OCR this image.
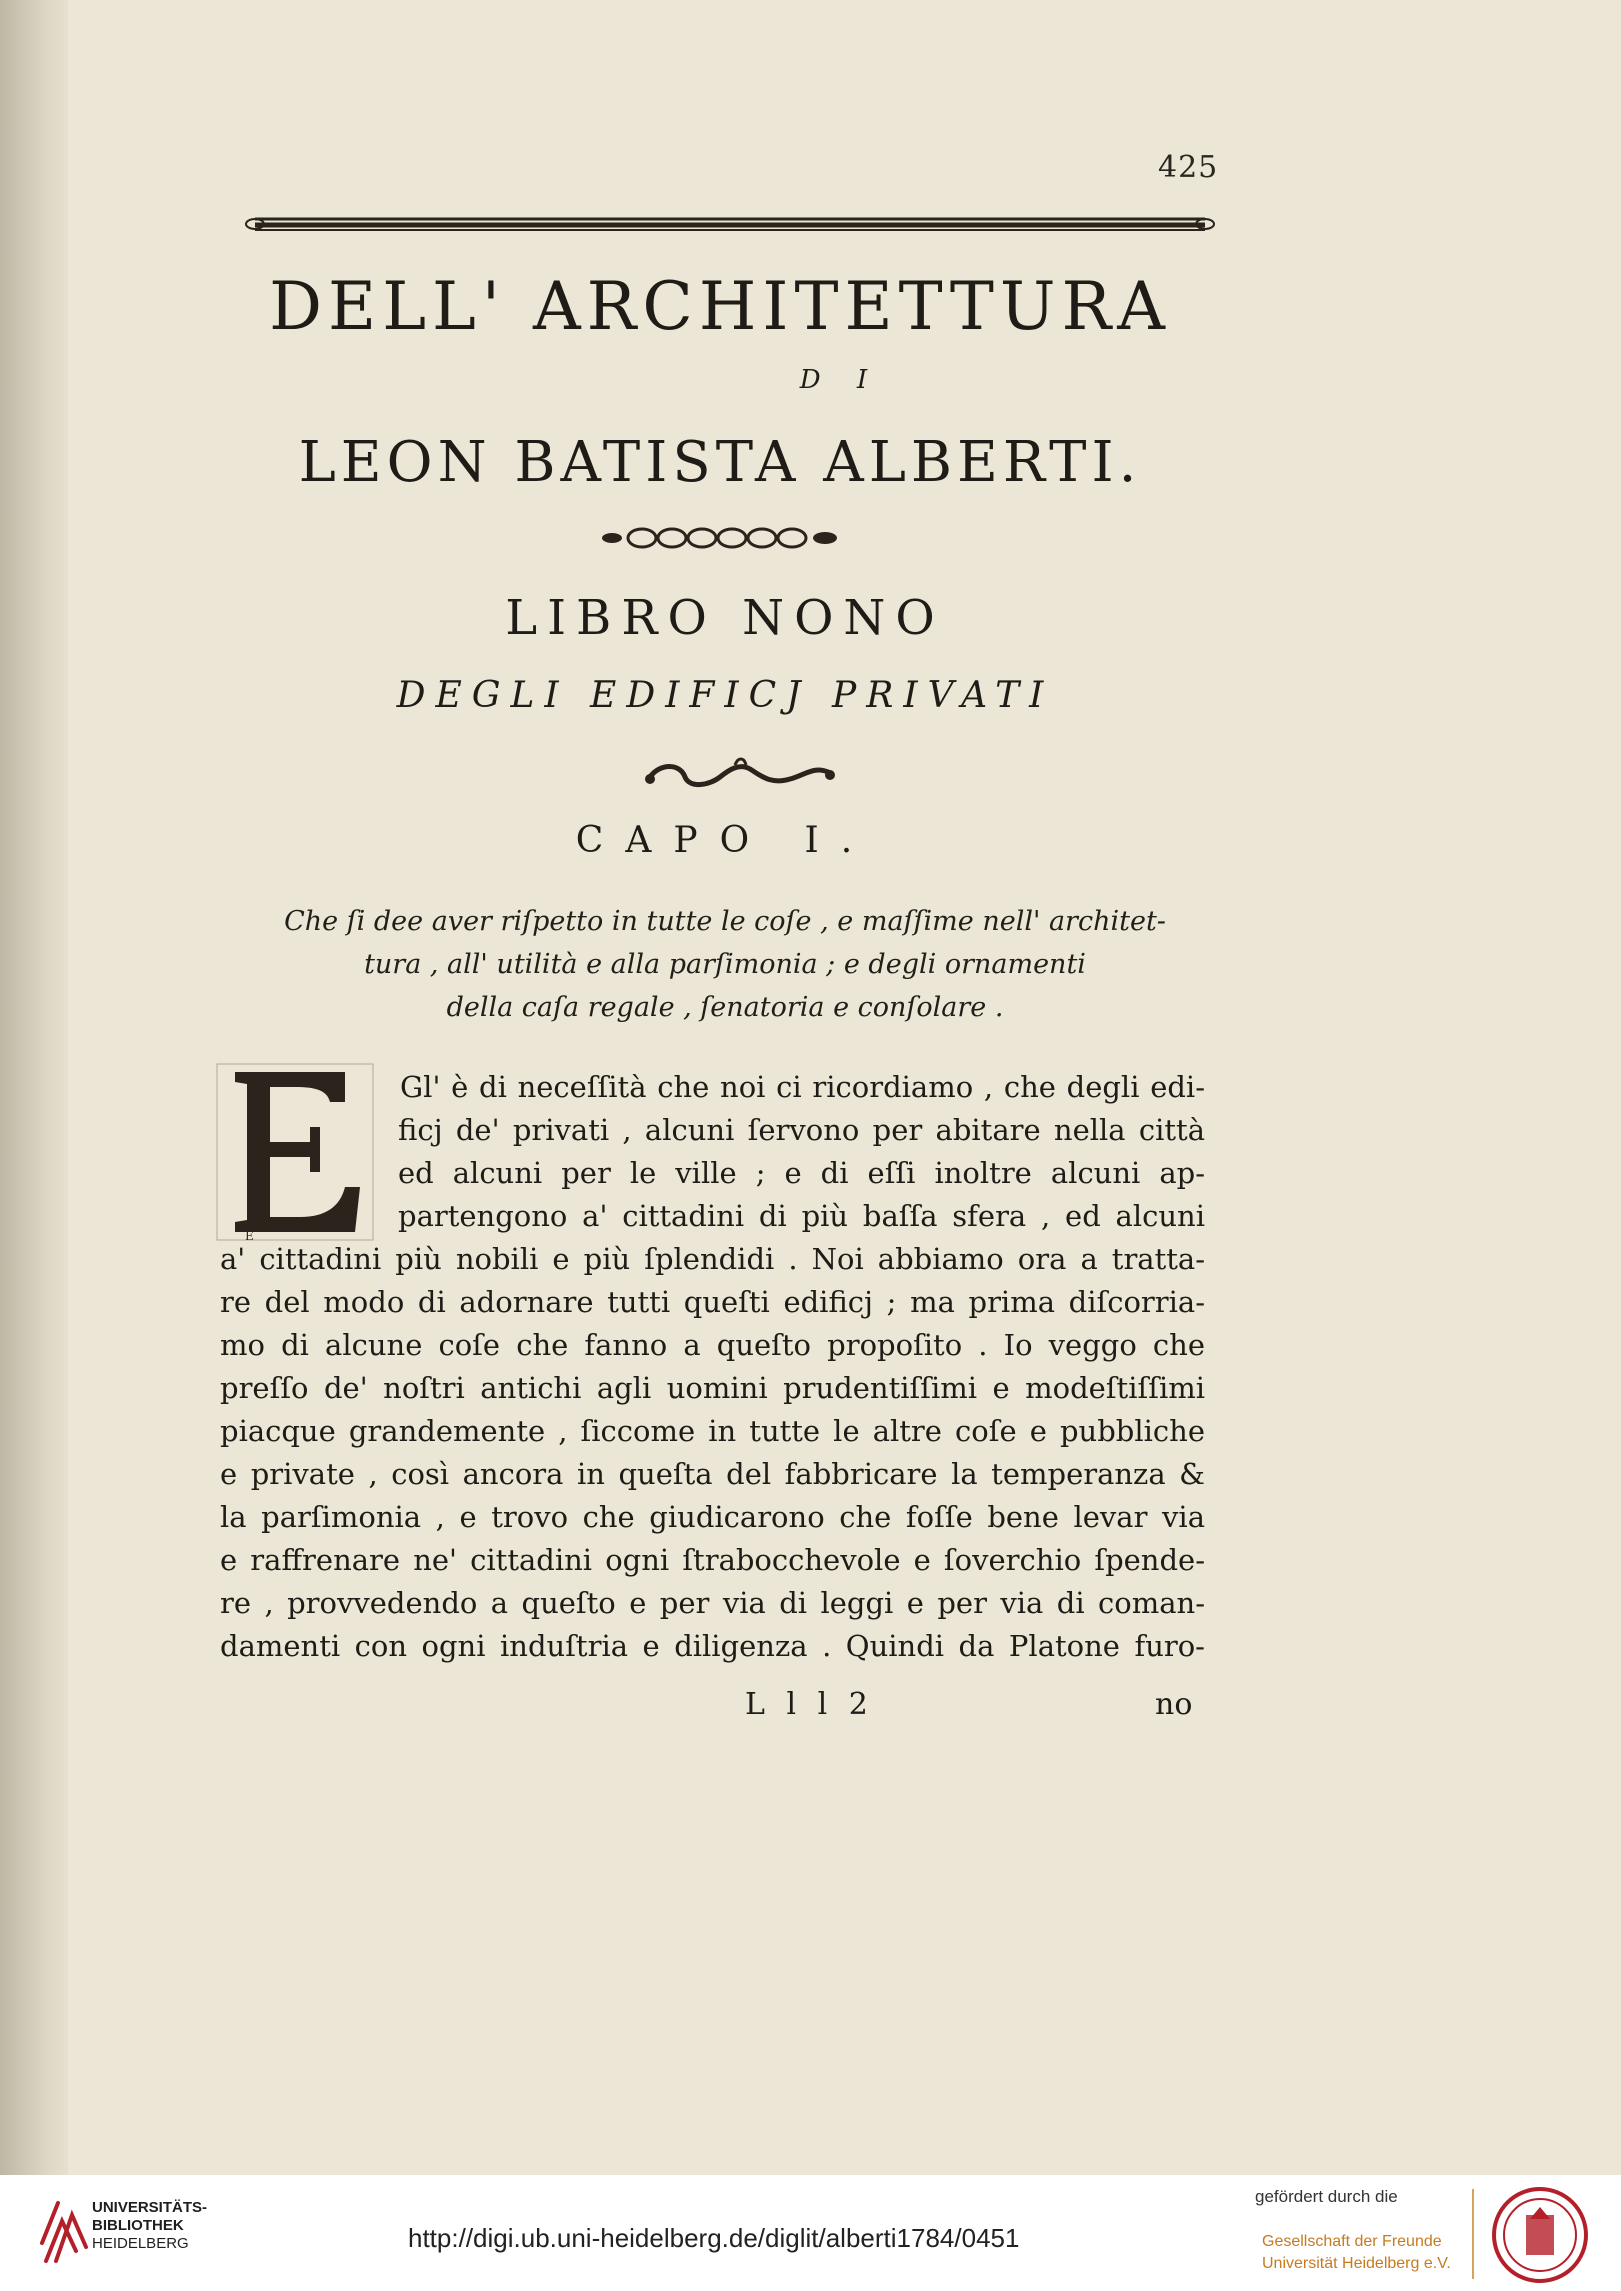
425
DELL' ARCHITETTURA
D I
LEON BATISTA ALBERTI.
LIBRO NONO
DEGLI EDIFICJ PRIVATI
CAPO I.
Che ſi dee aver riſpetto in tutte le coſe , e maſſime nell' architet-
tura , all' utilità e alla parſimonia ; e degli ornamenti
della caſa regale , ſenatoria e conſolare .
E
Gl' è di neceſſità che noi ci ricordiamo , che degli edi-
ficj de' privati , alcuni ſervono per abitare nella città
ed alcuni per le ville ; e di eſſi inoltre alcuni ap-
partengono a' cittadini di più baſſa sfera , ed alcuni
a' cittadini più nobili e più ſplendidi . Noi abbiamo ora a tratta-
re del modo di adornare tutti queſti edificj ; ma prima diſcorria-
mo di alcune coſe che fanno a queſto propoſito . Io veggo che
preſſo de' noſtri antichi agli uomini prudentiſſimi e modeſtiſſimi
piacque grandemente , ſiccome in tutte le altre coſe e pubbliche
e private , così ancora in queſta del fabbricare la temperanza &
la parſimonia , e trovo che giudicarono che foſſe bene levar via
e raffrenare ne' cittadini ogni ſtrabocchevole e ſoverchio ſpende-
re , provvedendo a queſto e per via di leggi e per via di coman-
damenti con ogni induſtria e diligenza . Quindi da Platone furo-
L l l 2	no
UNIVERSITÄTS-
BIBLIOTHEK
HEIDELBERG	http://digi.ub.uni-heidelberg.de/diglit/alberti1784/0451
gefördert durch die
Gesellschaft der Freunde
Universität Heidelberg e.V.
